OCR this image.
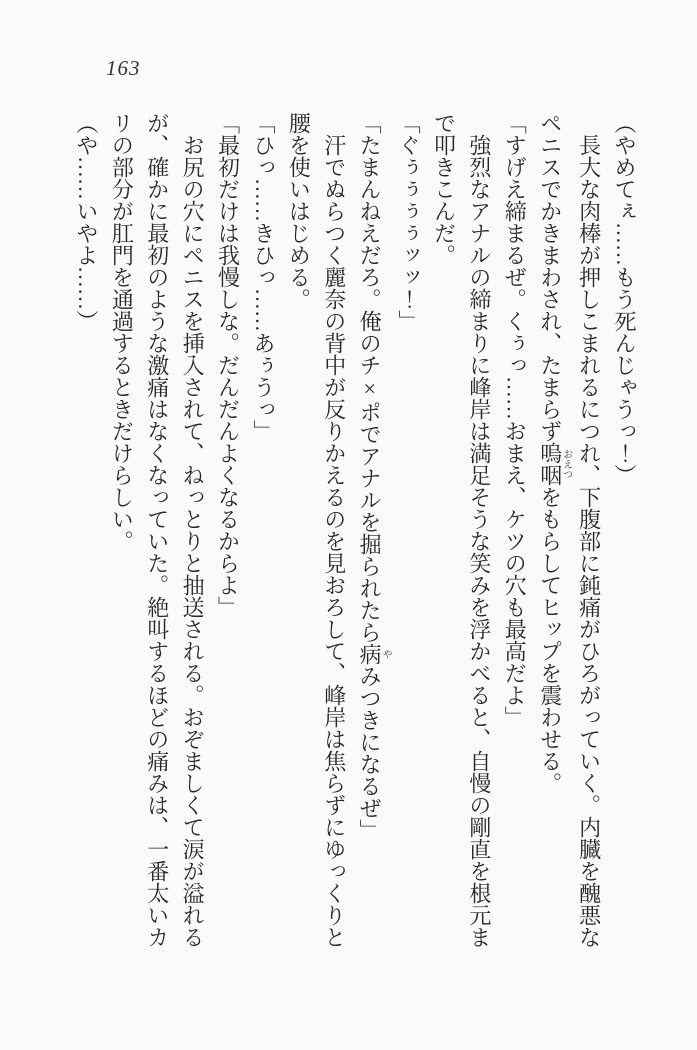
163
（やめてぇ……もう死んじゃうっ！）
長大な肉棒が押しこまれるにつれ、下腹部に鈍痛がひろがっていく。内臓を醜悪な
ペニスでかきまわされ、たまらず嗚咽おえつをもらしてヒップを震わせる。
「すげえ締まるぜ。くぅっ……おまえ、ケツの穴も最高だよ」
強烈なアナルの締まりに峰岸は満足そうな笑みを浮かべると、自慢の剛直を根元ま
で叩きこんだ。
「ぐぅぅぅぅッッ！」
「たまんねえだろ。俺のチ×ポでアナルを掘られたら病やみつきになるぜ」
汗でぬらつく麗奈の背中が反りかえるのを見おろして、峰岸は焦らずにゆっくりと
腰を使いはじめる。
「ひっ……きひっ……あぅうっ」
「最初だけは我慢しな。だんだんよくなるからよ」
お尻の穴にペニスを挿入されて、ねっとりと抽送される。おぞましくて涙が溢れる
が、確かに最初のような激痛はなくなっていた。絶叫するほどの痛みは、一番太いカ
リの部分が肛門を通過するときだけらしい。
（や……いやよ……）
